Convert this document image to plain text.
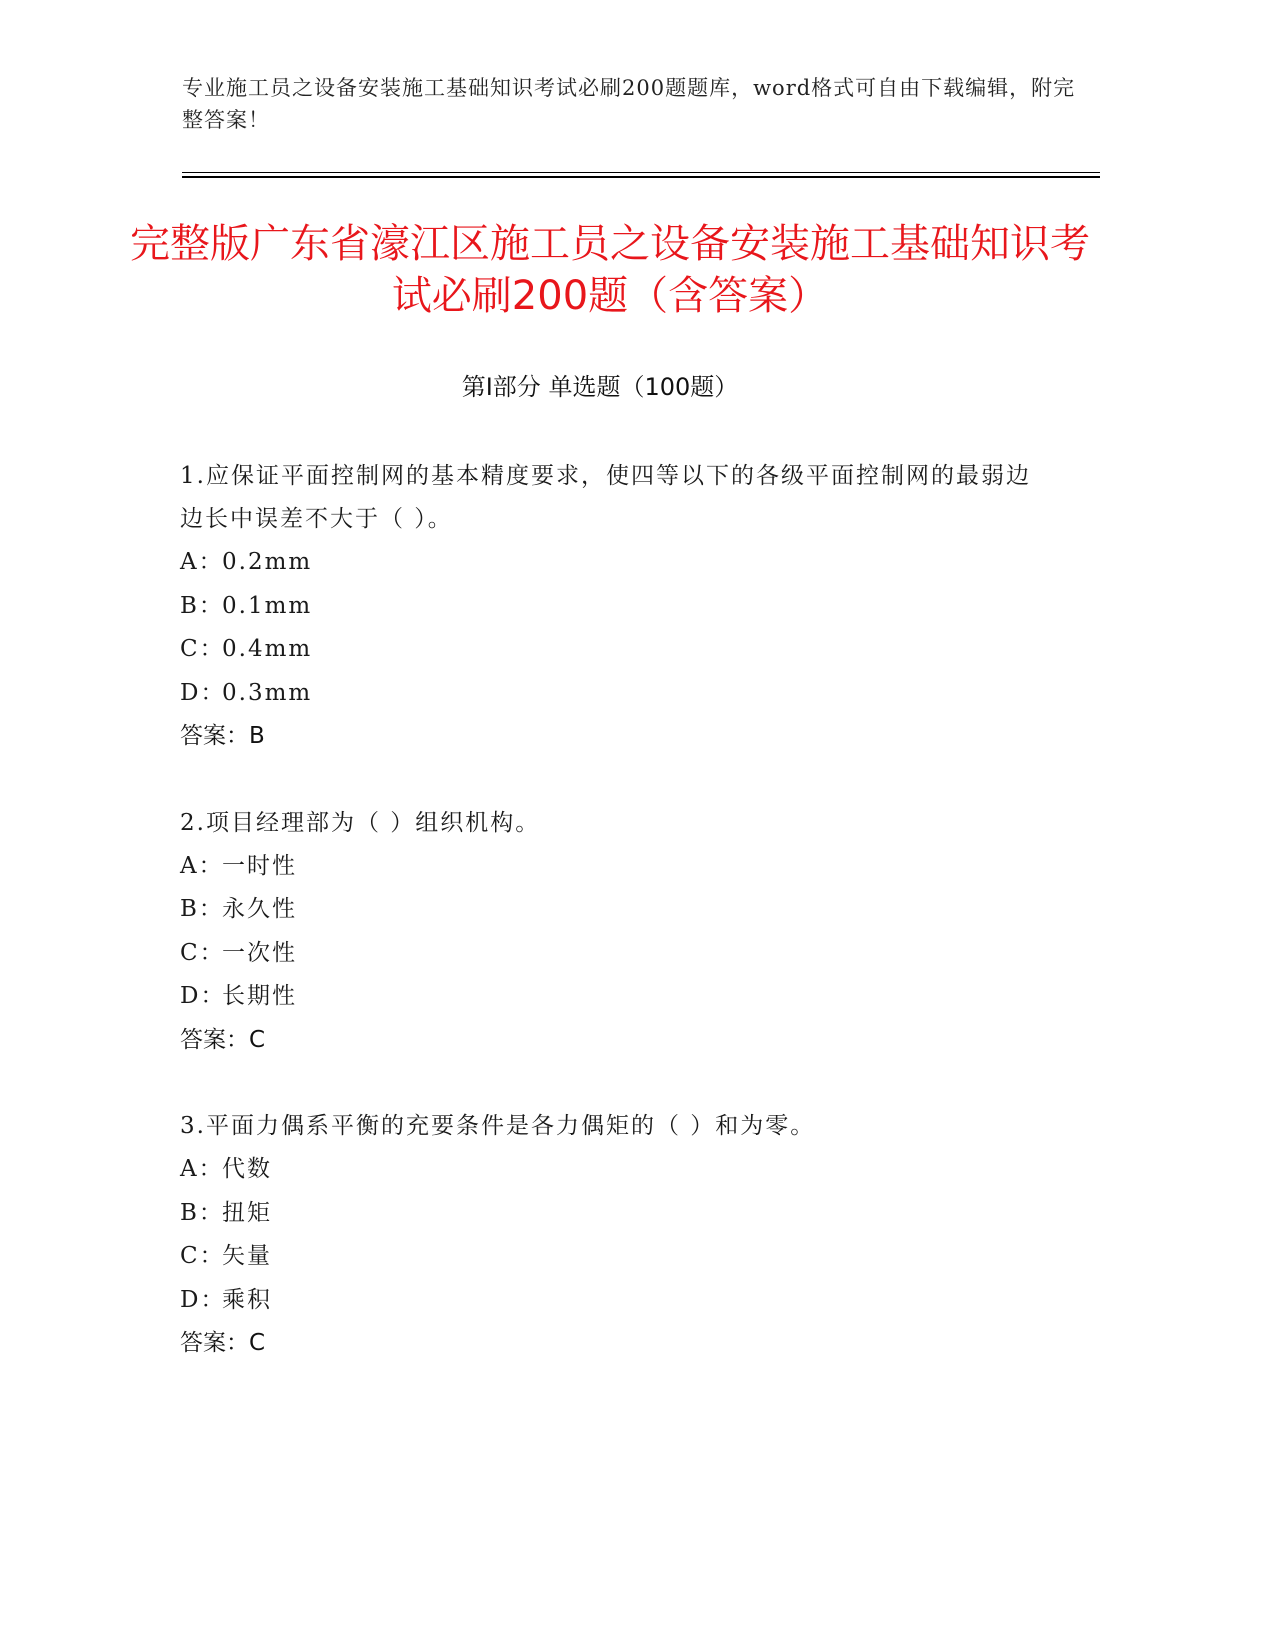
专业施工员之设备安装施工基础知识考试必刷200题题库，word格式可自由下载编辑，附完整答案！
完整版广东省濠江区施工员之设备安装施工基础知识考试必刷200题（含答案）
第I部分 单选题（100题）

1.应保证平面控制网的基本精度要求，使四等以下的各级平面控制网的最弱边边长中误差不大于（ ）。

A：0.2mm

B：0.1mm

C：0.4mm

D：0.3mm

答案：B

2.项目经理部为（ ）组织机构。

A：一时性

B：永久性

C：一次性

D：长期性

答案：C

3.平面力偶系平衡的充要条件是各力偶矩的（ ）和为零。

A：代数

B：扭矩

C：矢量

D：乘积

答案：C
